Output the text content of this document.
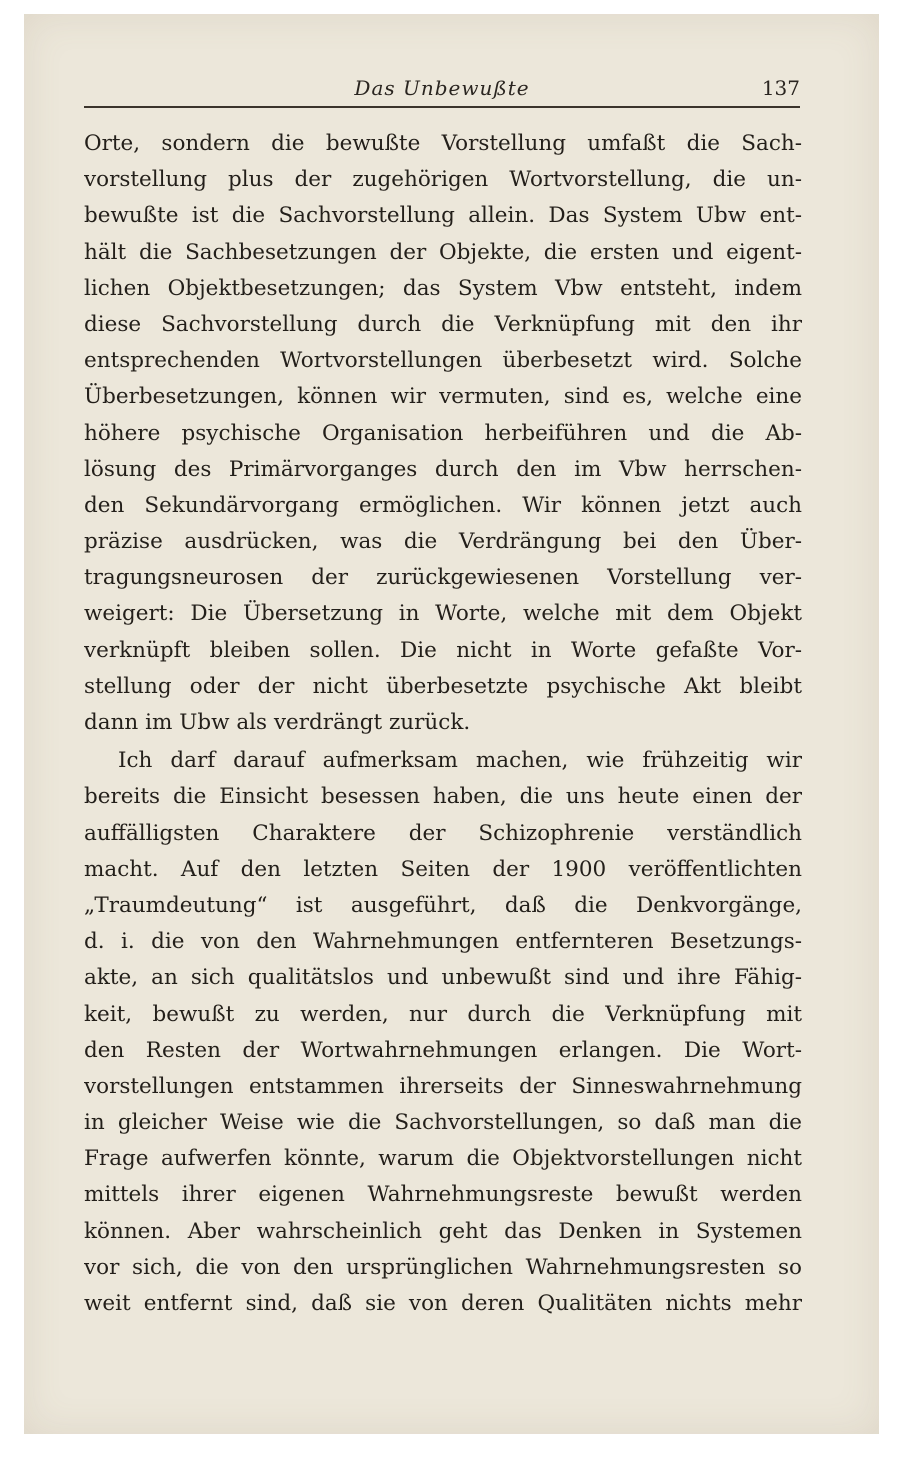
Das Unbewußte	137
Orte, sondern die bewußte Vorstellung umfaßt die Sach-
vorstellung plus der zugehörigen Wortvorstellung, die un-
bewußte ist die Sachvorstellung allein. Das System Ubw ent-
hält die Sachbesetzungen der Objekte, die ersten und eigent-
lichen Objektbesetzungen; das System Vbw entsteht, indem
diese Sachvorstellung durch die Verknüpfung mit den ihr
entsprechenden Wortvorstellungen überbesetzt wird. Solche
Überbesetzungen, können wir vermuten, sind es, welche eine
höhere psychische Organisation herbeiführen und die Ab-
lösung des Primärvorganges durch den im Vbw herrschen-
den Sekundärvorgang ermöglichen. Wir können jetzt auch
präzise ausdrücken, was die Verdrängung bei den Über-
tragungsneurosen der zurückgewiesenen Vorstellung ver-
weigert: Die Übersetzung in Worte, welche mit dem Objekt
verknüpft bleiben sollen. Die nicht in Worte gefaßte Vor-
stellung oder der nicht überbesetzte psychische Akt bleibt
dann im Ubw als verdrängt zurück.
Ich darf darauf aufmerksam machen, wie frühzeitig wir
bereits die Einsicht besessen haben, die uns heute einen der
auffälligsten Charaktere der Schizophrenie verständlich
macht. Auf den letzten Seiten der 1900 veröffentlichten
„Traumdeutung“ ist ausgeführt, daß die Denkvorgänge,
d. i. die von den Wahrnehmungen entfernteren Besetzungs-
akte, an sich qualitätslos und unbewußt sind und ihre Fähig-
keit, bewußt zu werden, nur durch die Verknüpfung mit
den Resten der Wortwahrnehmungen erlangen. Die Wort-
vorstellungen entstammen ihrerseits der Sinneswahrnehmung
in gleicher Weise wie die Sachvorstellungen, so daß man die
Frage aufwerfen könnte, warum die Objektvorstellungen nicht
mittels ihrer eigenen Wahrnehmungsreste bewußt werden
können. Aber wahrscheinlich geht das Denken in Systemen
vor sich, die von den ursprünglichen Wahrnehmungsresten so
weit entfernt sind, daß sie von deren Qualitäten nichts mehr
